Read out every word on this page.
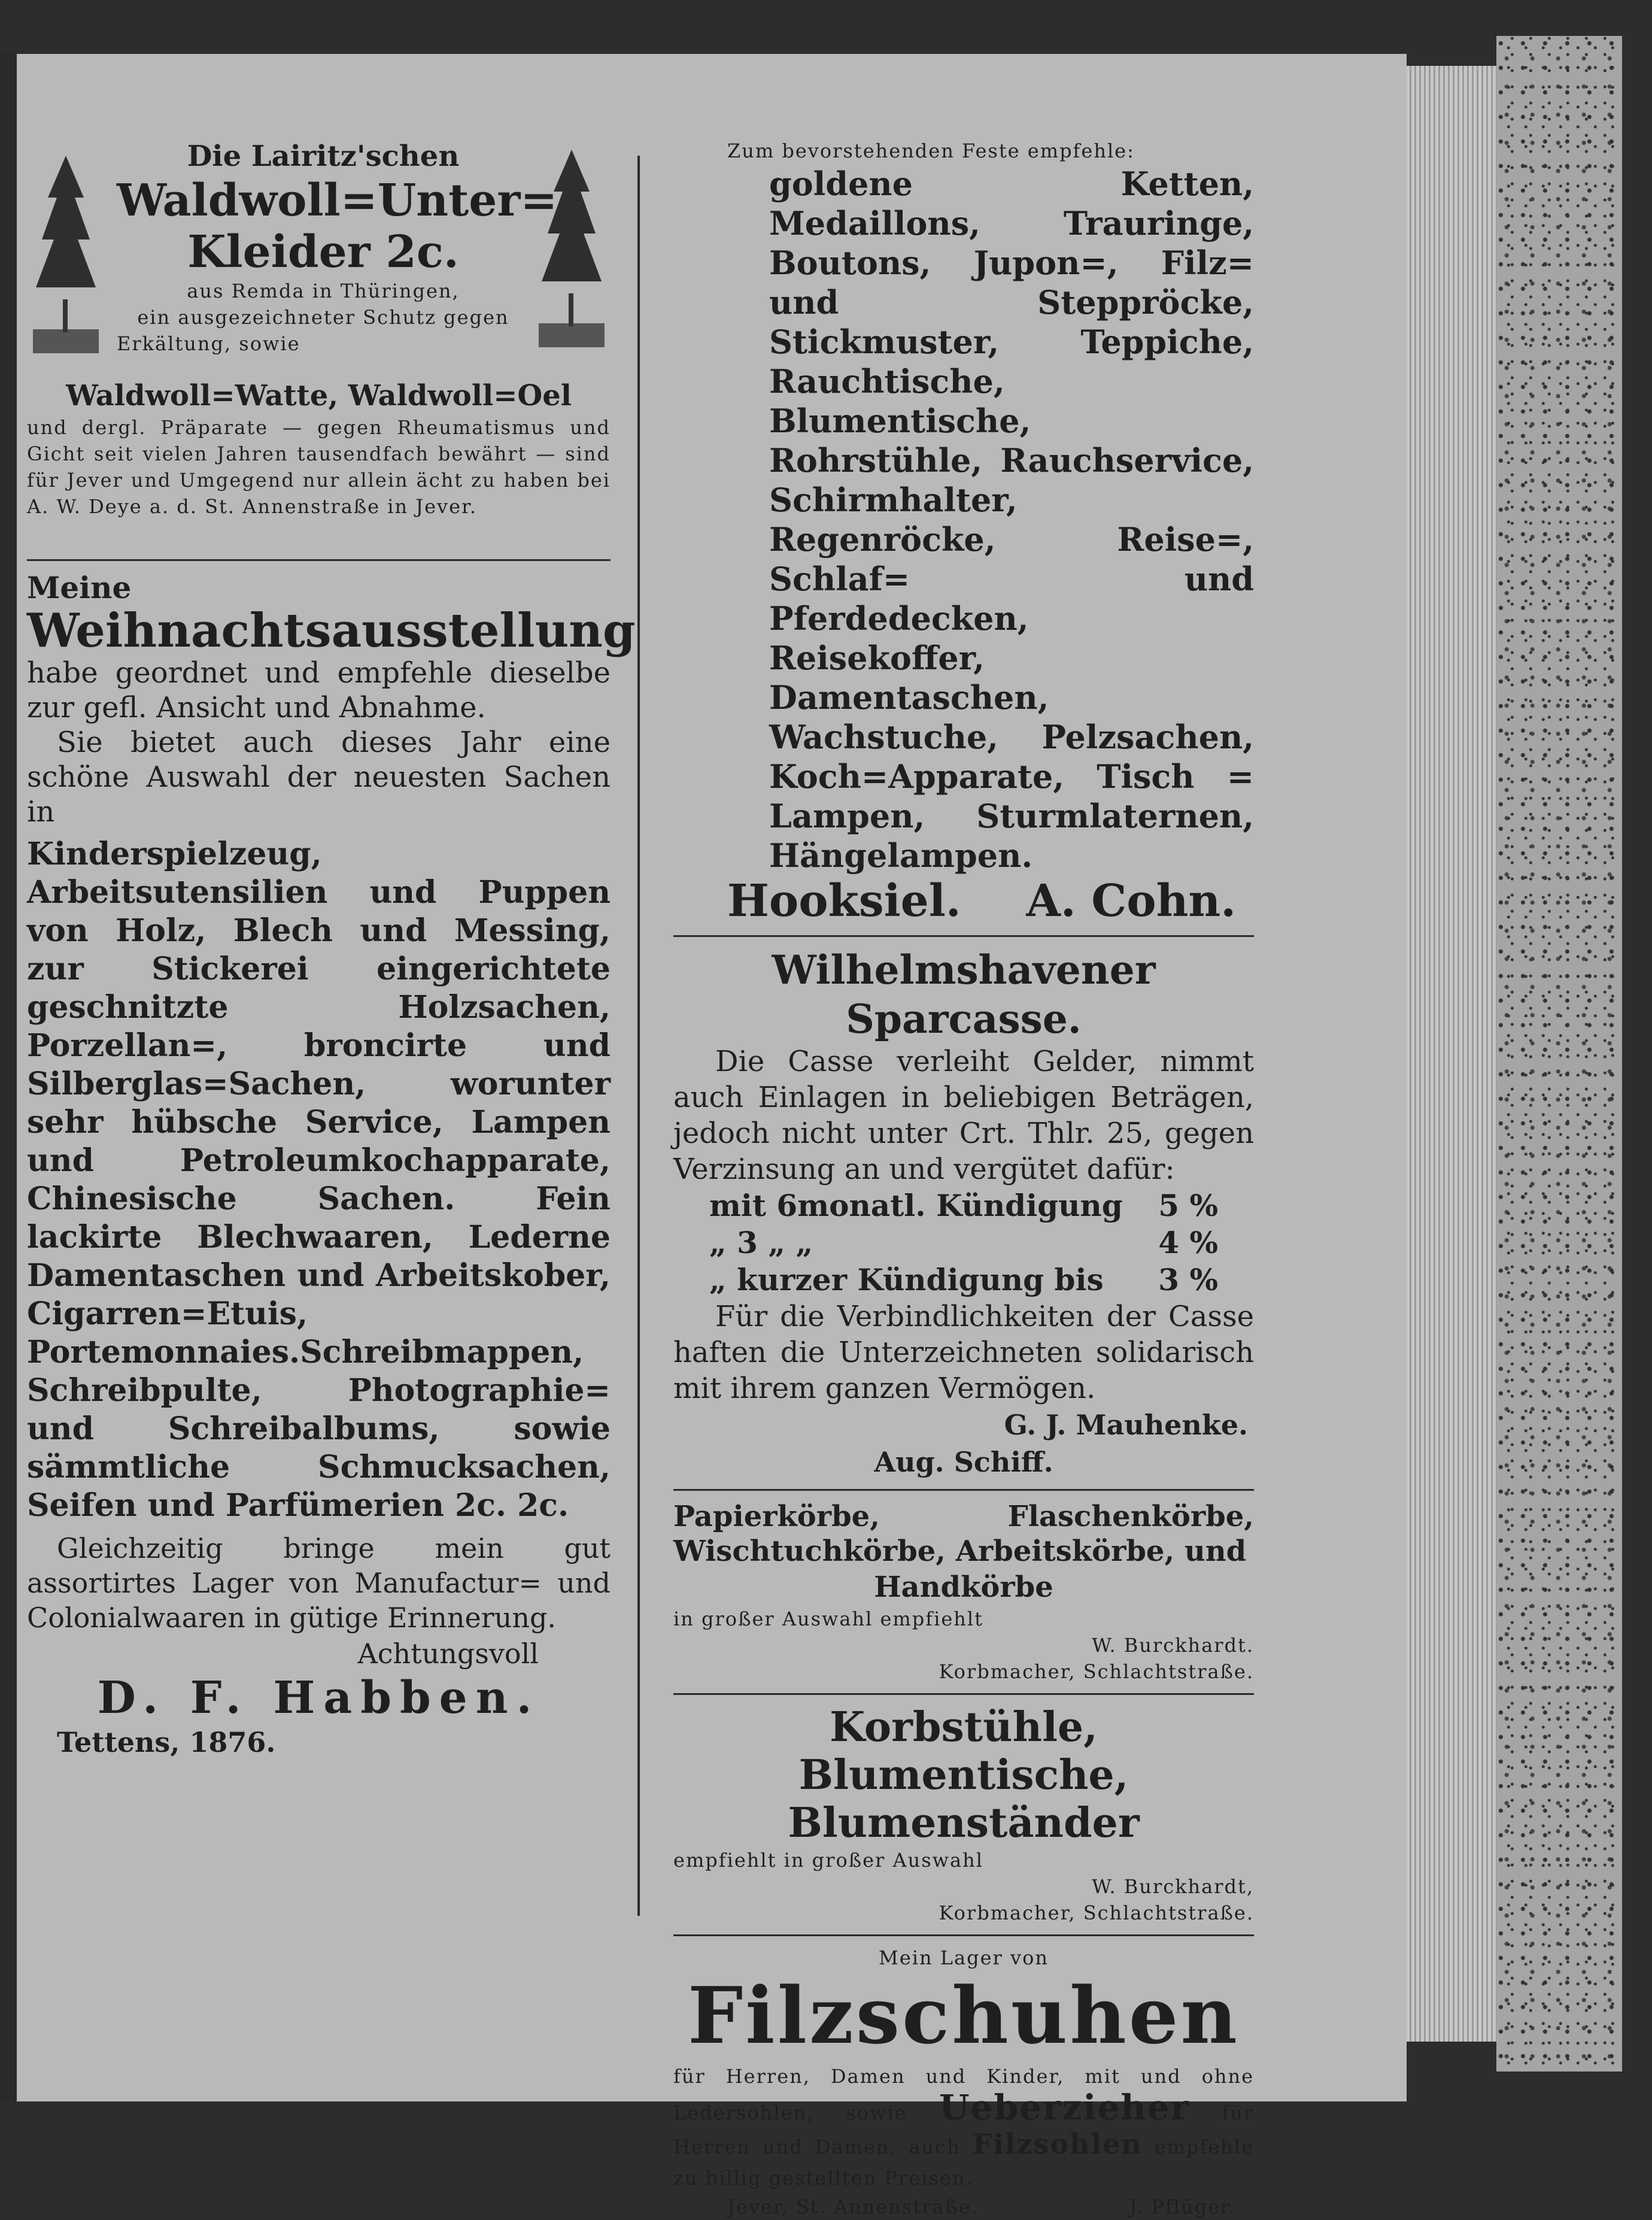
Die Lairitz'schen

Waldwoll=Unter=

Kleider 2c.

aus Remda in Thüringen,

ein ausgezeichneter Schutz gegen

Erkältung, sowie

Waldwoll=Watte, Waldwoll=Oel

und dergl. Präparate — gegen Rheumatismus und Gicht seit vielen Jahren tausendfach bewährt — sind für Jever und Umgegend nur allein ächt zu haben bei A. W. Deye a. d. St. Annenstraße in Jever.

Meine

Weihnachtsausstellung

habe geordnet und empfehle dieselbe zur gefl. Ansicht und Abnahme.

Sie bietet auch dieses Jahr eine schöne Auswahl der neuesten Sachen in

Kinderspielzeug, Arbeitsutensilien und Puppen von Holz, Blech und Messing, zur Stickerei eingerichtete geschnitzte Holzsachen, Porzellan=, broncirte und Silberglas=Sachen, worunter sehr hübsche Service, Lampen und Petroleumkochapparate, Chinesische Sachen. Fein lackirte Blechwaaren, Lederne Damentaschen und Arbeitskober, Cigarren=Etuis, Portemonnaies.Schreibmappen, Schreibpulte, Photographie= und Schreibalbums, sowie sämmtliche Schmucksachen, Seifen und Parfümerien 2c. 2c.

Gleichzeitig bringe mein gut assortirtes Lager von Manufactur= und Colonialwaaren in gütige Erinnerung.

Achtungsvoll

D. F. Habben.

Tettens, 1876.

Zum bevorstehenden Feste empfehle:

goldene Ketten, Medaillons, Trauringe, Boutons, Jupon=, Filz= und Steppröcke, Stickmuster, Teppiche, Rauchtische, Blumentische, Rohrstühle, Rauchservice, Schirmhalter, Regenröcke, Reise=, Schlaf= und Pferdedecken, Reisekoffer, Damentaschen, Wachstuche, Pelzsachen, Koch=Apparate, Tisch = Lampen, Sturmlaternen, Hängelampen.

Hooksiel. A. Cohn.

Wilhelmshavener Sparcasse.

Die Casse verleiht Gelder, nimmt auch Einlagen in beliebigen Beträgen, jedoch nicht unter Crt. Thlr. 25, gegen Verzinsung an und vergütet dafür:

mit 6monatl. Kündigung 5 %
„ 3 „ „	4 %
„ kurzer Kündigung bis 3 %

Für die Verbindlichkeiten der Casse haften die Unterzeichneten solidarisch mit ihrem ganzen Vermögen.

G. J. Mauhenke.

Aug. Schiff.

Papierkörbe, Flaschenkörbe, Wischtuchkörbe, Arbeitskörbe, und

Handkörbe

in großer Auswahl empfiehlt

W. Burckhardt.

Korbmacher, Schlachtstraße.

Korbstühle, Blumentische,

Blumenständer

empfiehlt in großer Auswahl

W. Burckhardt,

Korbmacher, Schlachtstraße.

Mein Lager von

Filzschuhen

für Herren, Damen und Kinder, mit und ohne Ledersohlen, sowie Ueberzieher für Herren und Damen, auch Filzsohlen empfehle zu billig gestellten Preisen.

Jever, St. Annenstraße.	J. Pflüger.
